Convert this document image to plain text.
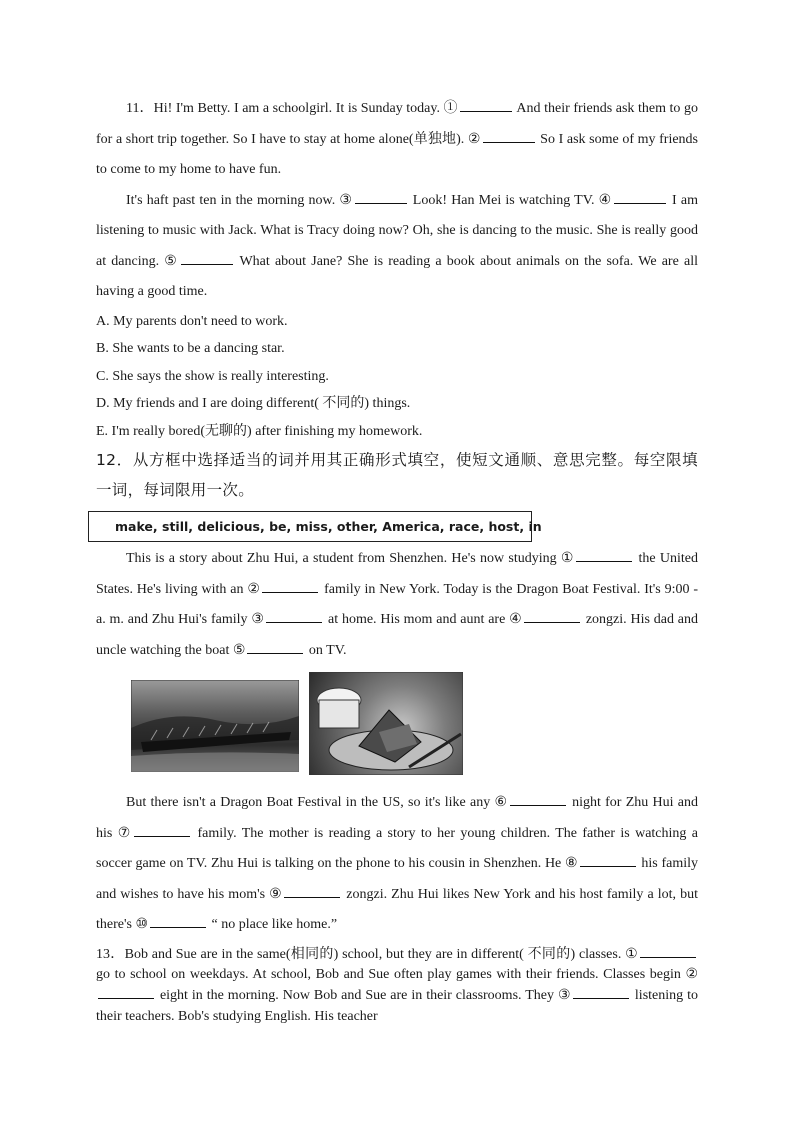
11．Hi! I'm Betty. I am a schoolgirl. It is Sunday today. ①	And their friends ask them to go for a short trip together. So I have to stay at home alone(单独地). ②	So I ask some of my friends to come to my home to have fun.

It's haft past ten in the morning now. ③	Look! Han Mei is watching TV. ④	I am listening to music with Jack. What is Tracy doing now? Oh, she is dancing to the music. She is really good at dancing. ⑤	What about Jane? She is reading a book about animals on the sofa. We are all having a good time.

A. My parents don't need to work.

B. She wants to be a dancing star.

C. She says the show is really interesting.

D. My friends and I are doing different( 不同的) things.

E. I'm really bored(无聊的) after finishing my homework.

12．从方框中选择适当的词并用其正确形式填空，使短文通顺、意思完整。每空限填一词，每词限用一次。

make, still, delicious, be, miss, other, America, race, host, in

This is a story about Zhu Hui, a student from Shenzhen. He's now studying ①	the United States. He's living with an ②	family in New York. Today is the Dragon Boat Festival. It's 9:00 -a. m. and Zhu Hui's family ③	at home. His mom and aunt are ④	zongzi. His dad and uncle watching the boat ⑤	on TV.

But there isn't a Dragon Boat Festival in the US, so it's like any ⑥	night for Zhu Hui and his ⑦	family. The mother is reading a story to her young children. The father is watching a soccer game on TV. Zhu Hui is talking on the phone to his cousin in Shenzhen. He ⑧	his family and wishes to have his mom's ⑨	zongzi. Zhu Hui likes New York and his host family a lot, but there's ⑩	“ no place like home.”

13．Bob and Sue are in the same(相同的) school, but they are in different( 不同的) classes. ① go to school on weekdays. At school, Bob and Sue often play games with their friends. Classes begin ② eight in the morning. Now Bob and Sue are in their classrooms. They ③	listening to their teachers. Bob's studying English. His teacher
